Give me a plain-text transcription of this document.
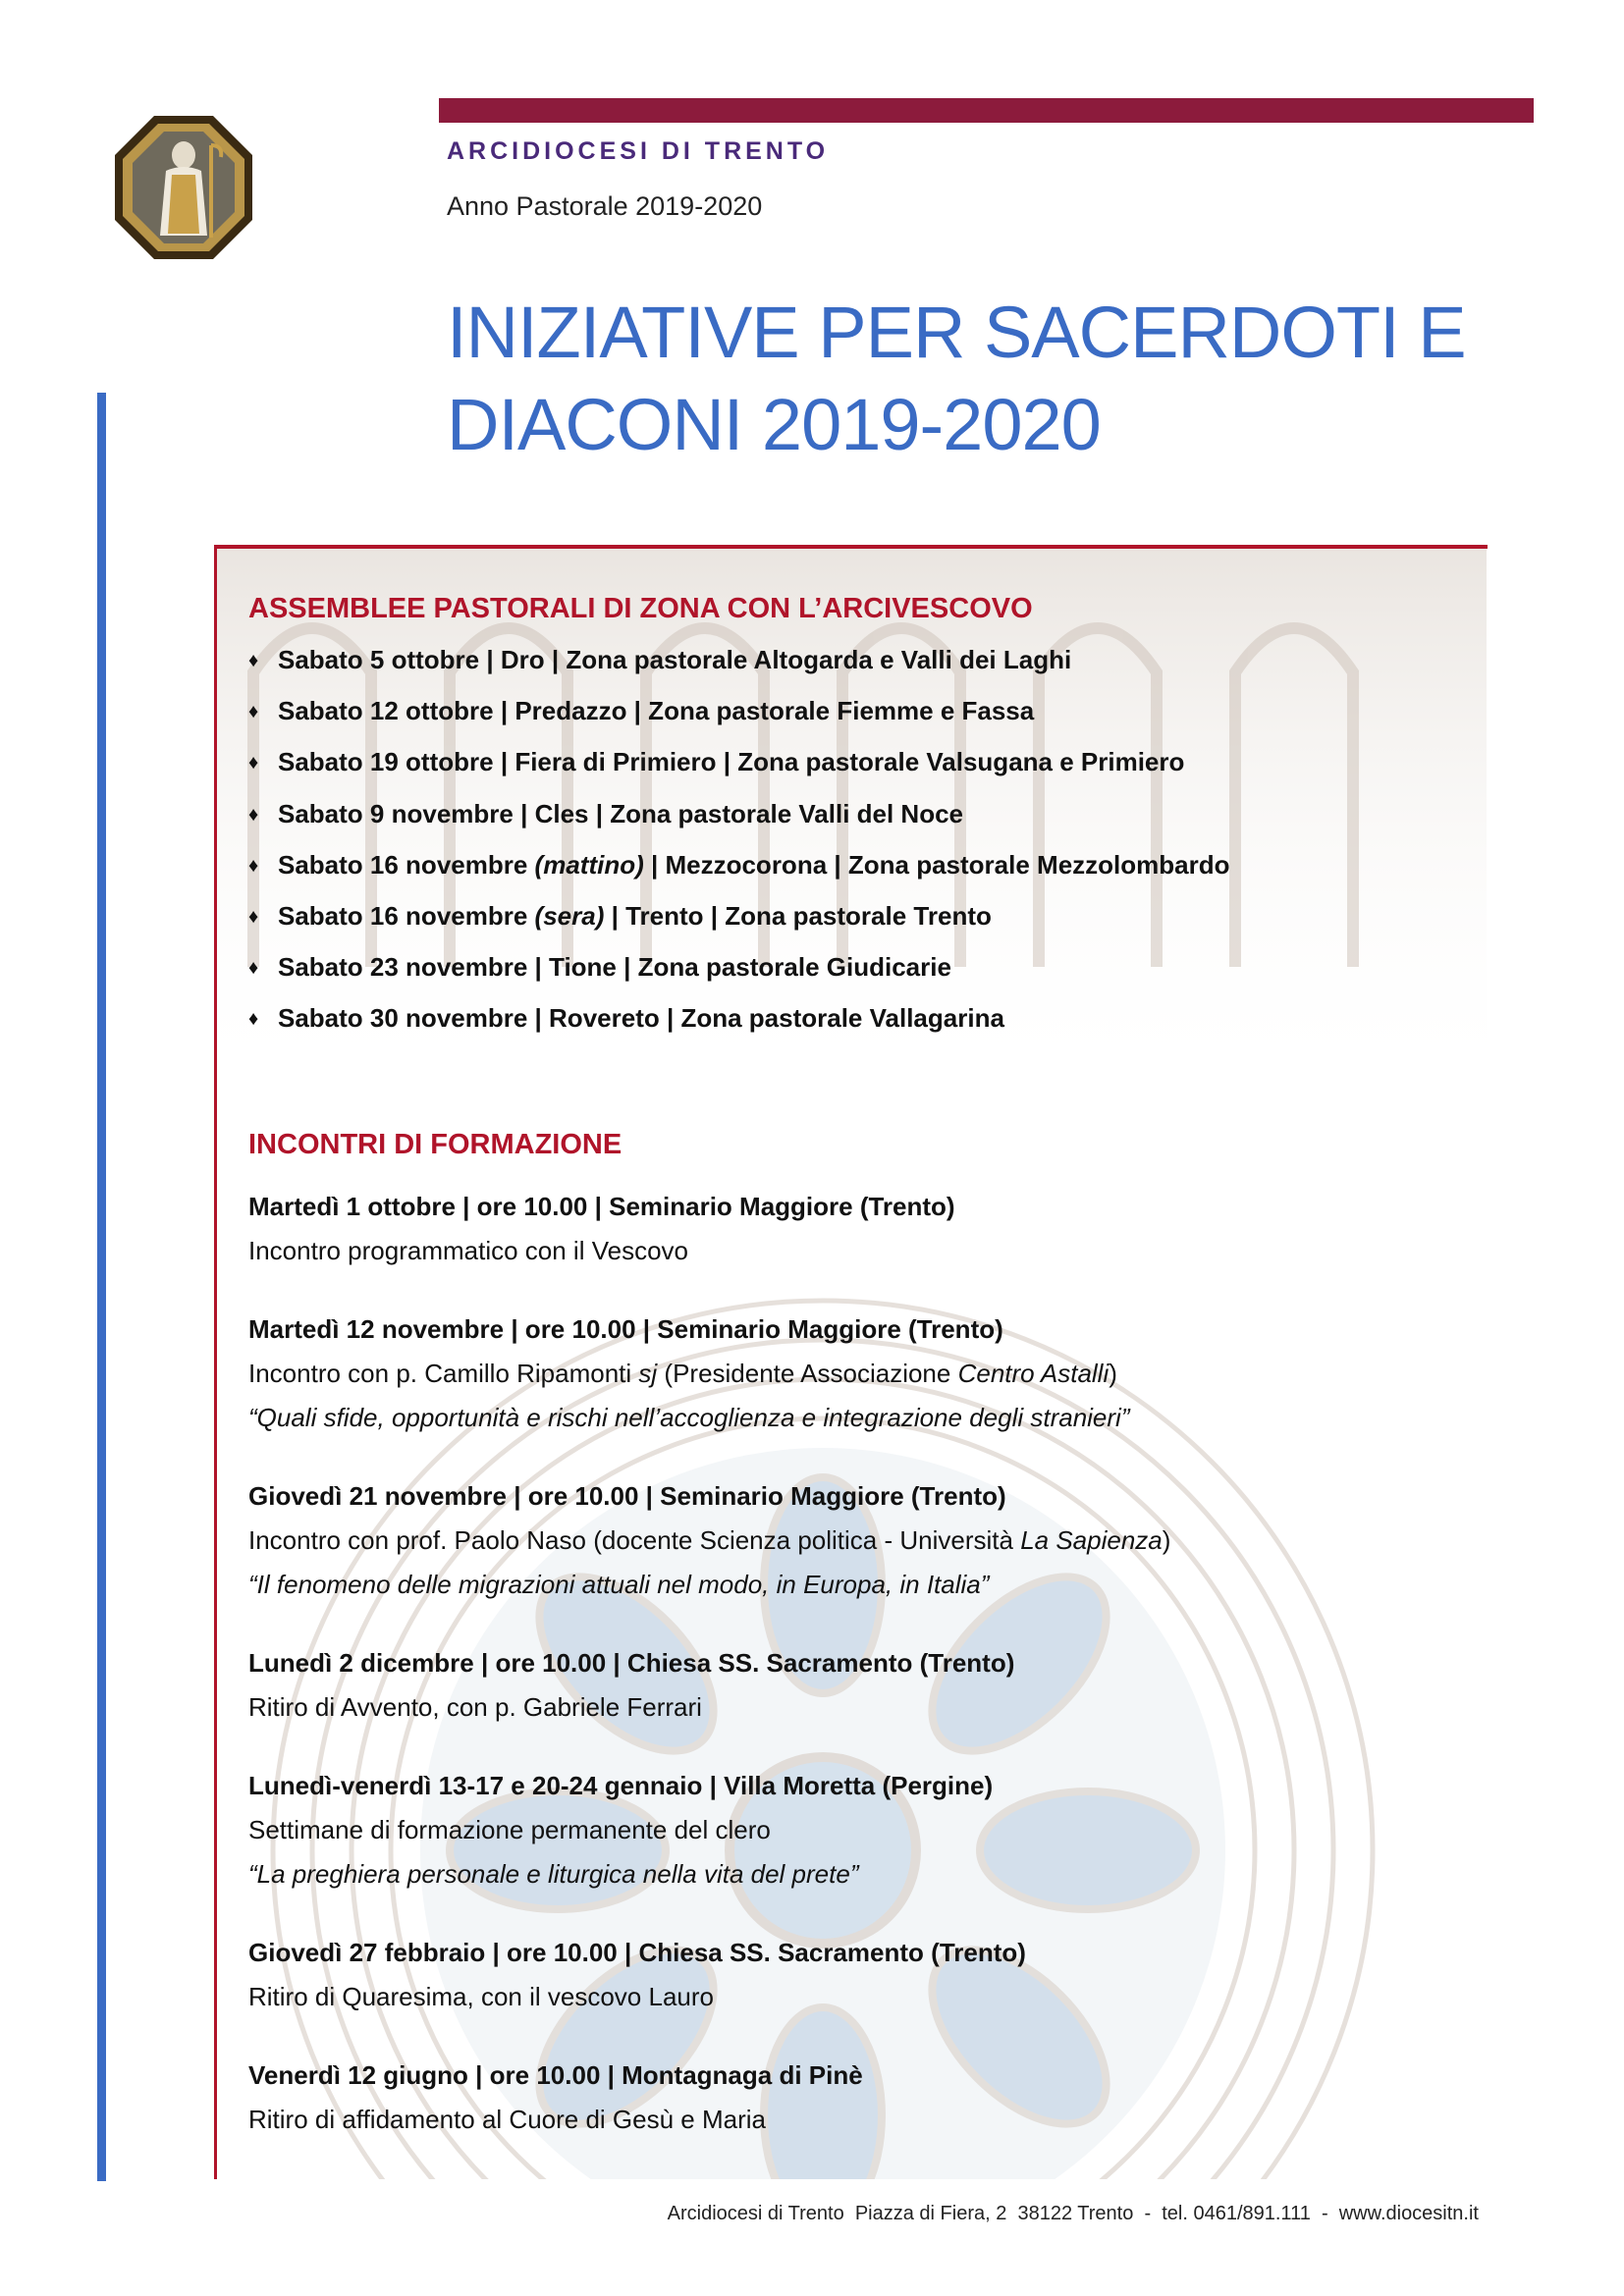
ARCIDIOCESI DI TRENTO
Anno Pastorale 2019-2020
INIZIATIVE PER SACERDOTI E
DIACONI 2019-2020
ASSEMBLEE PASTORALI DI ZONA CON L’ARCIVESCOVO
♦ Sabato 5 ottobre | Dro | Zona pastorale Altogarda e Valli dei Laghi
♦ Sabato 12 ottobre | Predazzo | Zona pastorale Fiemme e Fassa
♦ Sabato 19 ottobre | Fiera di Primiero | Zona pastorale Valsugana e Primiero
♦ Sabato 9 novembre | Cles | Zona pastorale Valli del Noce
♦ Sabato 16 novembre (mattino) | Mezzocorona | Zona pastorale Mezzolombardo
♦ Sabato 16 novembre (sera) | Trento | Zona pastorale Trento
♦ Sabato 23 novembre | Tione | Zona pastorale Giudicarie
♦ Sabato 30 novembre | Rovereto | Zona pastorale Vallagarina
INCONTRI DI FORMAZIONE
Martedì 1 ottobre | ore 10.00 | Seminario Maggiore (Trento)
Incontro programmatico con il Vescovo
Martedì 12 novembre | ore 10.00 | Seminario Maggiore (Trento)
Incontro con p. Camillo Ripamonti sj (Presidente Associazione Centro Astalli)
“Quali sfide, opportunità e rischi nell’accoglienza e integrazione degli stranieri”
Giovedì 21 novembre | ore 10.00 | Seminario Maggiore (Trento)
Incontro con prof. Paolo Naso (docente Scienza politica - Università La Sapienza)
“Il fenomeno delle migrazioni attuali nel modo, in Europa, in Italia”
Lunedì 2 dicembre | ore 10.00 | Chiesa SS. Sacramento (Trento)
Ritiro di Avvento, con p. Gabriele Ferrari
Lunedì-venerdì 13-17 e 20-24 gennaio | Villa Moretta (Pergine)
Settimane di formazione permanente del clero
“La preghiera personale e liturgica nella vita del prete”
Giovedì 27 febbraio | ore 10.00 | Chiesa SS. Sacramento (Trento)
Ritiro di Quaresima, con il vescovo Lauro
Venerdì 12 giugno | ore 10.00 | Montagnaga di Pinè
Ritiro di affidamento al Cuore di Gesù e Maria
Arcidiocesi di Trento  Piazza di Fiera, 2  38122 Trento  -  tel. 0461/891.111  -  www.diocesitn.it
